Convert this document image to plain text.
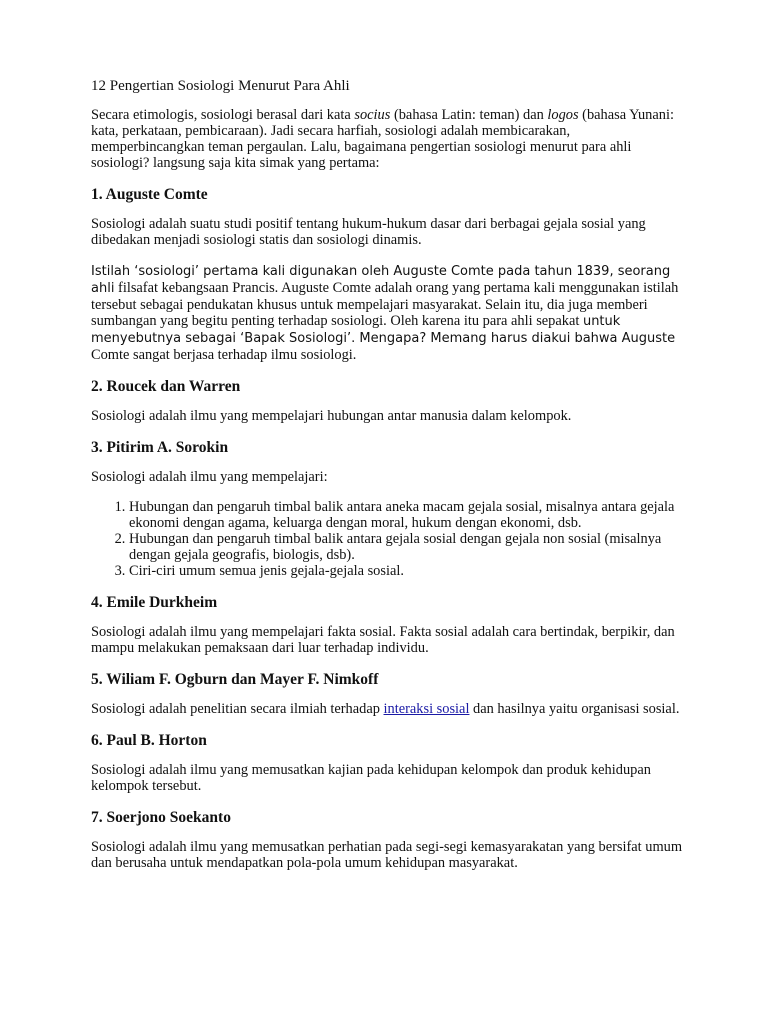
12 Pengertian Sosiologi Menurut Para Ahli

Secara etimologis, sosiologi berasal dari kata socius (bahasa Latin: teman) dan logos (bahasa Yunani: kata, perkataan, pembicaraan). Jadi secara harfiah, sosiologi adalah membicarakan, memperbincangkan teman pergaulan. Lalu, bagaimana pengertian sosiologi menurut para ahli sosiologi? langsung saja kita simak yang pertama:

1. Auguste Comte

Sosiologi adalah suatu studi positif tentang hukum-hukum dasar dari berbagai gejala sosial yang dibedakan menjadi sosiologi statis dan sosiologi dinamis.

Istilah ‘sosiologi’ pertama kali digunakan oleh Auguste Comte pada tahun 1839, seorang ahli filsafat kebangsaan Prancis. Auguste Comte adalah orang yang pertama kali menggunakan istilah tersebut sebagai pendukatan khusus untuk mempelajari masyarakat. Selain itu, dia juga memberi sumbangan yang begitu penting terhadap sosiologi. Oleh karena itu para ahli sepakat untuk menyebutnya sebagai ‘Bapak Sosiologi’. Mengapa? Memang harus diakui bahwa Auguste Comte sangat berjasa terhadap ilmu sosiologi.

2. Roucek dan Warren

Sosiologi adalah ilmu yang mempelajari hubungan antar manusia dalam kelompok.

3. Pitirim A. Sorokin

Sosiologi adalah ilmu yang mempelajari:

1. Hubungan dan pengaruh timbal balik antara aneka macam gejala sosial, misalnya antara gejala ekonomi dengan agama, keluarga dengan moral, hukum dengan ekonomi, dsb.
2. Hubungan dan pengaruh timbal balik antara gejala sosial dengan gejala non sosial (misalnya dengan gejala geografis, biologis, dsb).
3. Ciri-ciri umum semua jenis gejala-gejala sosial.
4. Emile Durkheim

Sosiologi adalah ilmu yang mempelajari fakta sosial. Fakta sosial adalah cara bertindak, berpikir, dan mampu melakukan pemaksaan dari luar terhadap individu.

5. Wiliam F. Ogburn dan Mayer F. Nimkoff

Sosiologi adalah penelitian secara ilmiah terhadap interaksi sosial dan hasilnya yaitu organisasi sosial.

6. Paul B. Horton

Sosiologi adalah ilmu yang memusatkan kajian pada kehidupan kelompok dan produk kehidupan kelompok tersebut.

7. Soerjono Soekanto

Sosiologi adalah ilmu yang memusatkan perhatian pada segi-segi kemasyarakatan yang bersifat umum dan berusaha untuk mendapatkan pola-pola umum kehidupan masyarakat.
